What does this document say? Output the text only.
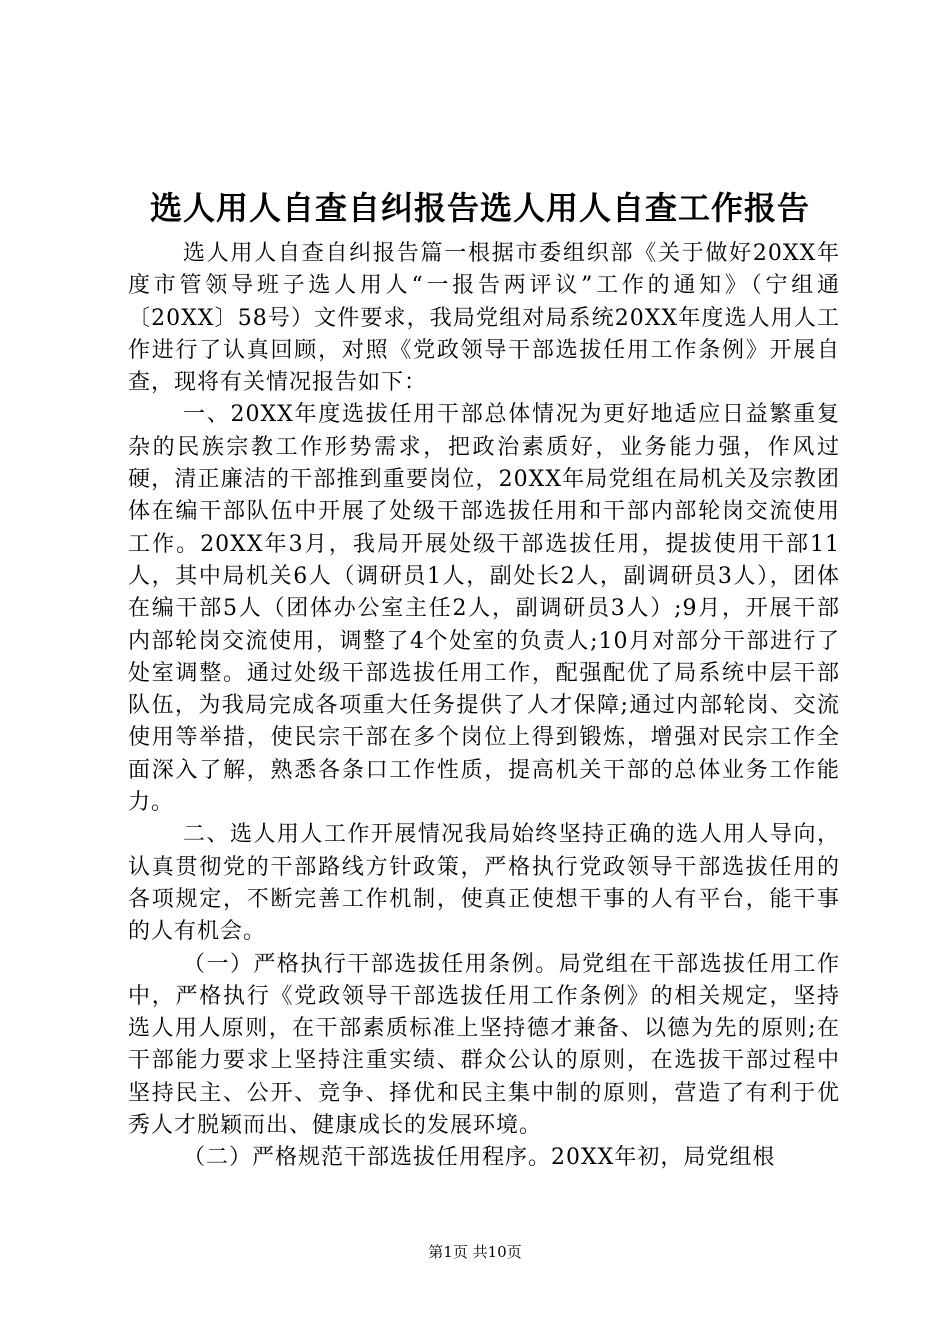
选人用人自查自纠报告选人用人自查工作报告

选人用人自查自纠报告篇一根据市委组织部《关于做好20XX年度市管领导班子选人用人“一报告两评议”工作的通知》（宁组通〔20XX〕58号）文件要求，我局党组对局系统20XX年度选人用人工作进行了认真回顾，对照《党政领导干部选拔任用工作条例》开展自查，现将有关情况报告如下：

一、20XX年度选拔任用干部总体情况为更好地适应日益繁重复杂的民族宗教工作形势需求，把政治素质好，业务能力强，作风过硬，清正廉洁的干部推到重要岗位，20XX年局党组在局机关及宗教团体在编干部队伍中开展了处级干部选拔任用和干部内部轮岗交流使用工作。20XX年3月，我局开展处级干部选拔任用，提拔使用干部11人，其中局机关6人（调研员1人，副处长2人，副调研员3人），团体在编干部5人（团体办公室主任2人，副调研员3人）;9月，开展干部内部轮岗交流使用，调整了4个处室的负责人;10月对部分干部进行了处室调整。通过处级干部选拔任用工作，配强配优了局系统中层干部队伍，为我局完成各项重大任务提供了人才保障;通过内部轮岗、交流使用等举措，使民宗干部在多个岗位上得到锻炼，增强对民宗工作全面深入了解，熟悉各条口工作性质，提高机关干部的总体业务工作能力。

二、选人用人工作开展情况我局始终坚持正确的选人用人导向，认真贯彻党的干部路线方针政策，严格执行党政领导干部选拔任用的各项规定，不断完善工作机制，使真正使想干事的人有平台，能干事的人有机会。

（一）严格执行干部选拔任用条例。局党组在干部选拔任用工作中，严格执行《党政领导干部选拔任用工作条例》的相关规定，坚持选人用人原则，在干部素质标准上坚持德才兼备、以德为先的原则;在干部能力要求上坚持注重实绩、群众公认的原则，在选拔干部过程中坚持民主、公开、竞争、择优和民主集中制的原则，营造了有利于优秀人才脱颖而出、健康成长的发展环境。

（二）严格规范干部选拔任用程序。20XX年初，局党组根

第1页 共10页
